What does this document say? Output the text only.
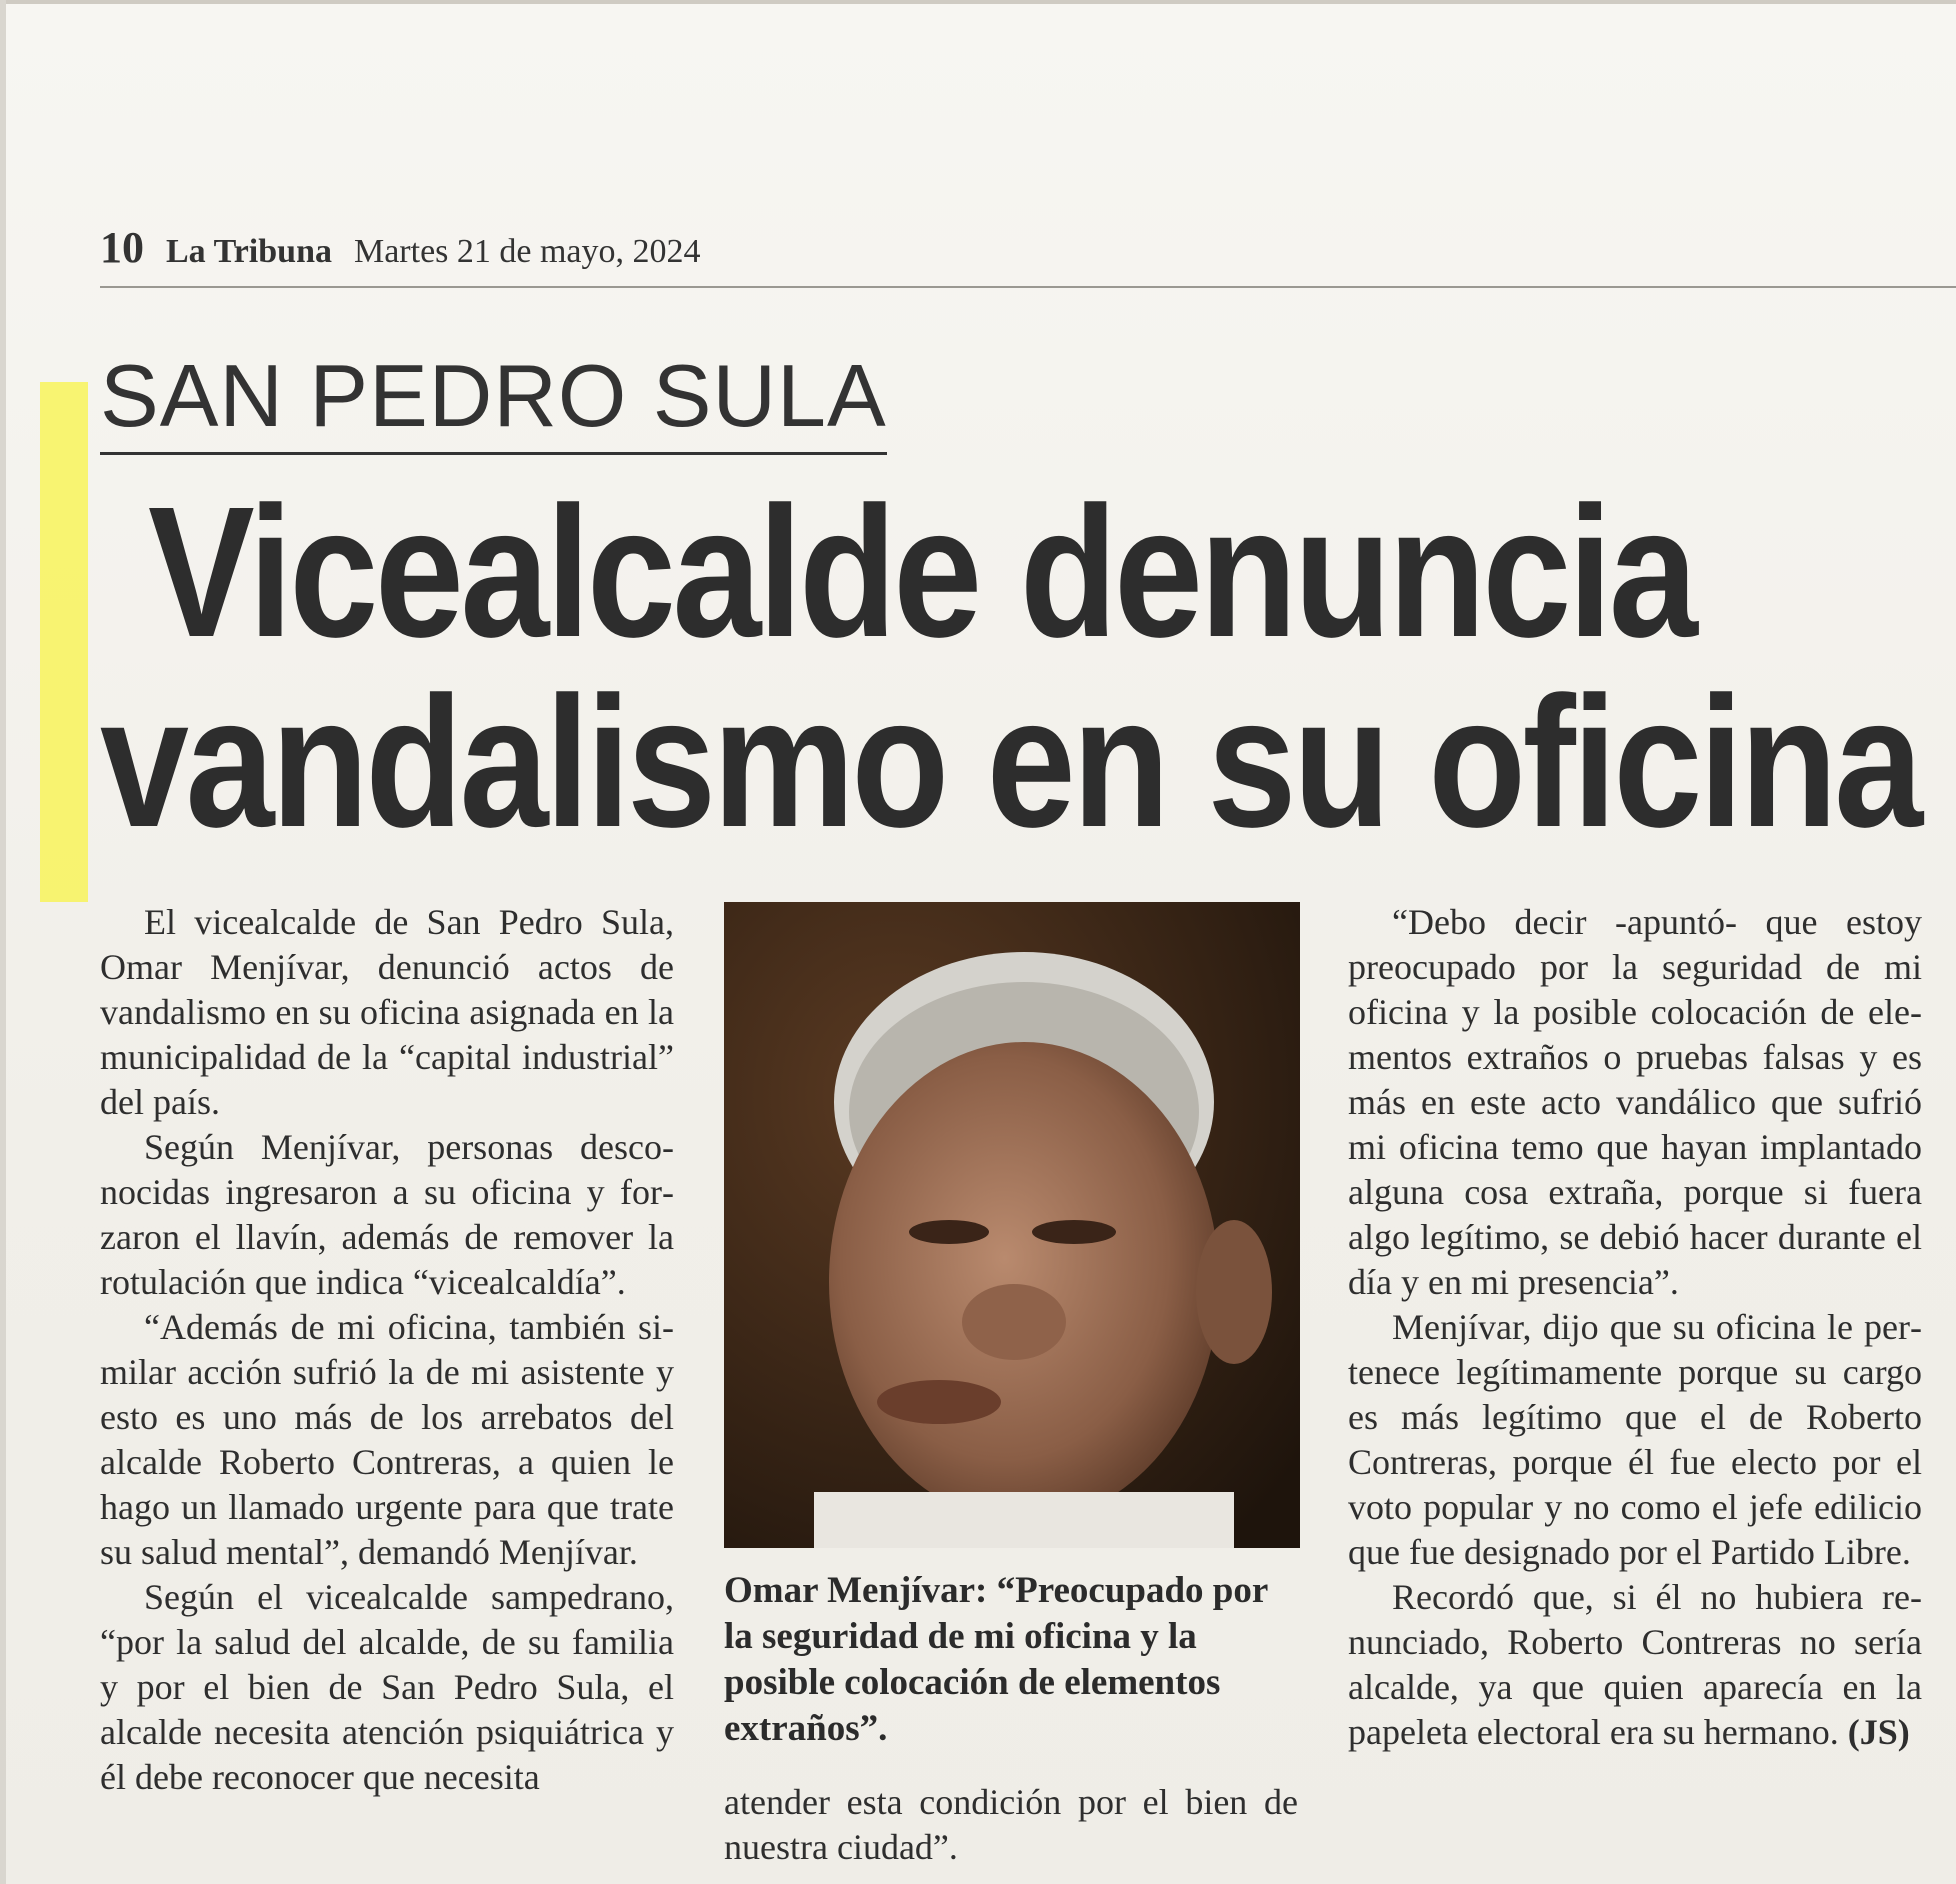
10 La Tribuna Martes 21 de mayo, 2024
SAN PEDRO SULA
Vicealcalde denuncia
vandalismo en su oficina

El vicealcalde de San Pedro Sula, Omar Menjívar, denunció actos de vandalismo en su oficina asignada en la municipalidad de la “capital industrial” del país.

Según Menjívar, personas desconocidas ingresaron a su oficina y forzaron el llavín, además de remover la rotulación que indica “vicealcaldía”.

“Además de mi oficina, también similar acción sufrió la de mi asistente y esto es uno más de los arrebatos del alcalde Roberto Contreras, a quien le hago un llamado urgente para que trate su salud mental”, demandó Menjívar.

Según el vicealcalde sampedrano, “por la salud del alcalde, de su familia y por el bien de San Pedro Sula, el alcalde necesita atención psiquiátrica y él debe reconocer que necesita

Omar Menjívar: “Preocupado por la seguridad de mi oficina y la posible colocación de elementos extraños”.

atender esta condición por el bien de nuestra ciudad”.

“Debo decir -apuntó- que estoy preocupado por la seguridad de mi oficina y la posible colocación de elementos extraños o pruebas falsas y es más en este acto vandálico que sufrió mi oficina temo que hayan implantado alguna cosa extraña, porque si fuera algo legítimo, se debió hacer durante el día y en mi presencia”.

Menjívar, dijo que su oficina le pertenece legítimamente porque su cargo es más legítimo que el de Roberto Contreras, porque él fue electo por el voto popular y no como el jefe edilicio que fue designado por el Partido Libre.

Recordó que, si él no hubiera renunciado, Roberto Contreras no sería alcalde, ya que quien aparecía en la papeleta electoral era su hermano. (JS)
